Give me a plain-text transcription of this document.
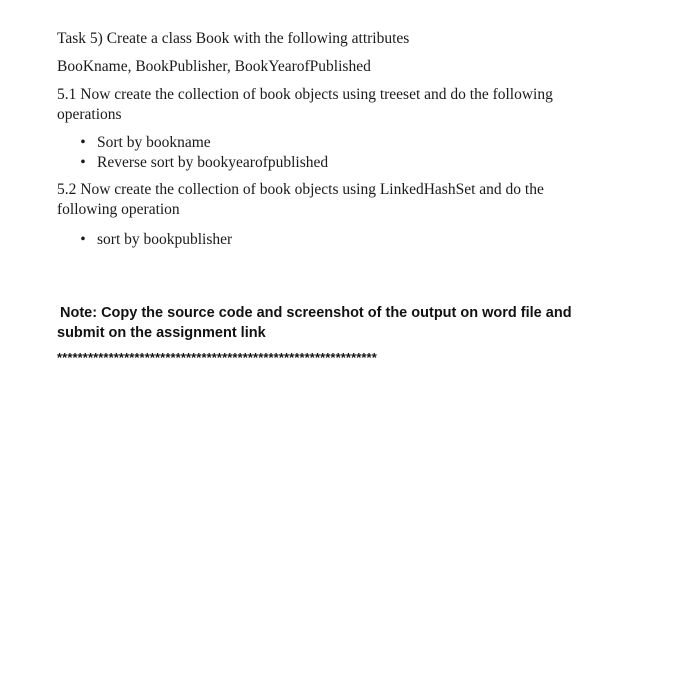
Task 5) Create a class Book with the following attributes

BooKname, BookPublisher, BookYearofPublished

5.1 Now create the collection of book objects using treeset and do the following operations

• Sort by bookname
• Reverse sort by bookyearofpublished

5.2 Now create the collection of book objects using LinkedHashSet and do the following operation

• sort by bookpublisher

Note: Copy the source code and screenshot of the output on word file and
submit on the assignment link

**************************************************************
